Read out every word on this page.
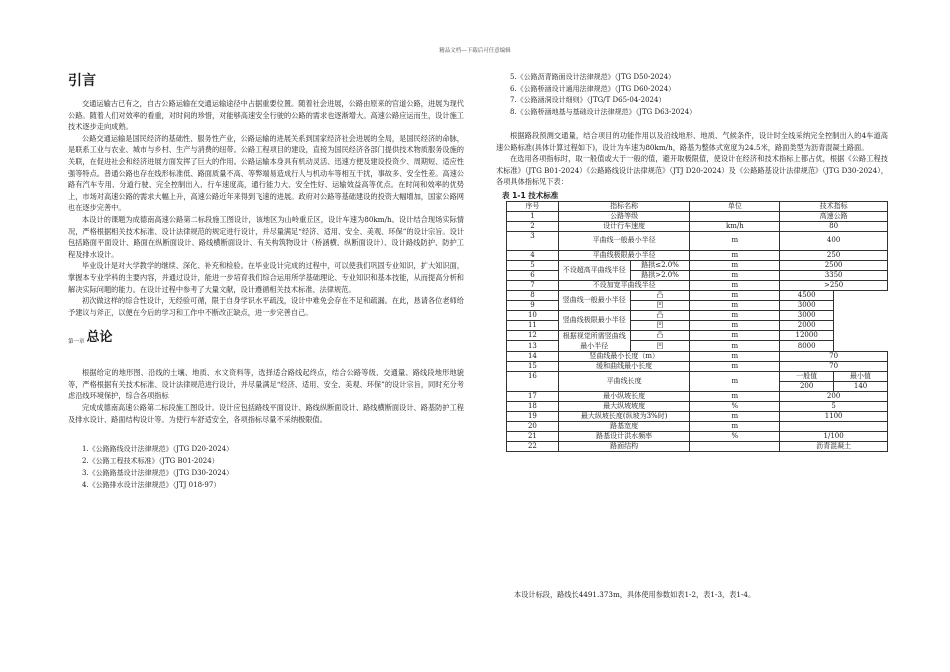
精品文档---下载后可任意编辑
引言

交通运输古已有之，自古公路运输在交通运输途径中占据重要位置。随着社会进展，公路由原来的官道公路，进展为现代公路。随着人们对效率的看重，对时间的珍惜，对能够高速安全行驶的公路的需求也逐渐增大。高速公路应运而生，设计施工技术逐步走向成熟。

公路交通运输是国民经济的基础性、服务性产业，公路运输的进展关系到国家经济社会进展的全局，是国民经济的命脉，是联系工业与农业、城市与乡村、生产与消费的纽带。公路工程项目的建设，直接为国民经济各部门提供技术物质服务设施的关联，在促进社会和经济进展方面发挥了巨大的作用。公路运输本身具有机动灵活、迅速方便及建设投资少、周期短、适应性强等特点。普通公路也存在线形标准低、路面质量不高、等弊端易造成行人与机动车等相互干扰，事故多、安全性差。高速公路有汽车专用、分道行驶、完全控制出入、行车速度高，通行能力大、安全性好、运输效益高等优点。在时间和效率的优势上，市场对高速公路的需求大幅上升，高速公路近年来得到飞速的进展。政府对公路等基础建设的投资大幅增加，国家公路网也在逐步完善中。

本设计的课题为成德南高速公路第二标段施工图设计，该地区为山岭重丘区，设计车速为80km/h。设计结合现场实际情况，严格根据相关技术标准、设计法律规范的规定进行设计，并尽量满足“经济、适用、安全、美观、环保”的设计宗旨。设计包括路面平面设计、路面在纵断面设计、路线横断面设计、有关构筑物设计（桥涵横、纵断面设计）、设计路线防护、防护工程及排水设计。

毕业设计是对大学教学的继续、深化、补充和检验。在毕业设计完成的过程中，可以使我们巩固专业知识，扩大知识面，掌握本专业学科的主要内容，并通过设计，能进一步培育我们综合运用所学基础理论、专业知识和基本技能，从而提高分析和解决实际问题的能力。在设计过程中参考了大量文献，设计遵循相关技术标准、法律规范。

初次做这样的综合性设计，无经验可循，限于自身学识水平疏浅，设计中难免会存在不足和疏漏。在此，恳请各位老师给予建议与斧正，以便在今后的学习和工作中不断改正缺点，进一步完善自己。

第一章 总论

根据给定的地形图、沿线的土壤、地质、水文资料等，选择适合路线起终点，结合公路等级、交通量、路线段地形地貌等，严格根据有关技术标准、设计法律规范进行设计，并尽量满足“经济、适用、安全、美观、环保”的设计宗旨，同时充分考虑沿线环境保护，综合各项指标

完成成德南高速公路第二标段施工图设计。设计应包括路线平面设计、路线纵断面设计、路线横断面设计、路基防护工程及排水设计、路面结构设计等。为使行车舒适安全，各项指标尽量不采纳极限值。

1.《公路路线设计法律规范》（JTG D20-2024）
2.《公路工程技术标准》（JTG B01-2024）
3.《公路路基设计法律规范》（JTG D30-2024）
4.《公路排水设计法律规范》（JTJ 018-97）
5.《公路沥青路面设计法律规范》（JTG D50-2024）
6.《公路桥涵设计通用法律规范》（JTG D60-2024）
7.《公路涵洞设计细则》（JTG/T D65-04-2024）
8.《公路桥涵地基与基础设计法律规范》（JTG D63-2024）

根据路段预测交通量，结合项目的功能作用以及沿线地形、地质、气候条件，设计时全线采纳完全控制出入的4车道高速公路标准(具体计算过程如下)，设计为车速为80km/h，路基为整体式宽度为24.5米，路面类型为沥青混凝土路面。

在选用各项指标时，取一般值或大于一般的值，避开取极限值，使设计在经济和技术指标上都占优，根据《公路工程技术标准》（JTG B01-2024）《公路路线设计法律规范》（JTJ D20-2024）及《公路路基设计法律规范》（JTG D30-2024），各项具体指标见下表：

表 1-1 技术标准
序号	指标名称		单位	技术指标	
1	公路等级			高速公路	
2	设计行车速度		km/h	80	
3	平曲线一般最小半径		m	400	
4	平曲线极限最小半径		m	250	
5	不设超高平曲线半径	路拱≤2.0%	m	2500	
6		路拱>2.0%	m	3350	
7	不设加宽平曲线半径		m	>250	
8	竖曲线一般最小半径	凸	m	4500	
9		凹	m	3000	
10	竖曲线极限最小半径	凸	m	3000	
11		凹	m	2000	
12	根据视觉所需竖曲线最小半径	凸	m	12000	
13		凹	m	8000	
14	竖曲线最小长度（m）		m	70	
15	缓和曲线最小长度		m	70	
16	平曲线长度		m	一般值	最小值
				200	140
17	最小纵坡长度		m	200	
18	最大纵坡坡度		%	5	
19	最大纵坡长度(纵坡为3%时)		m	1100	
20	路基宽度		m		
21	路基设计洪水频率		%	1/100	
22	路面结构			沥青混凝土	
本设计标段，路线长4491.373m，具体使用参数如表1-2，表1-3，表1-4。
